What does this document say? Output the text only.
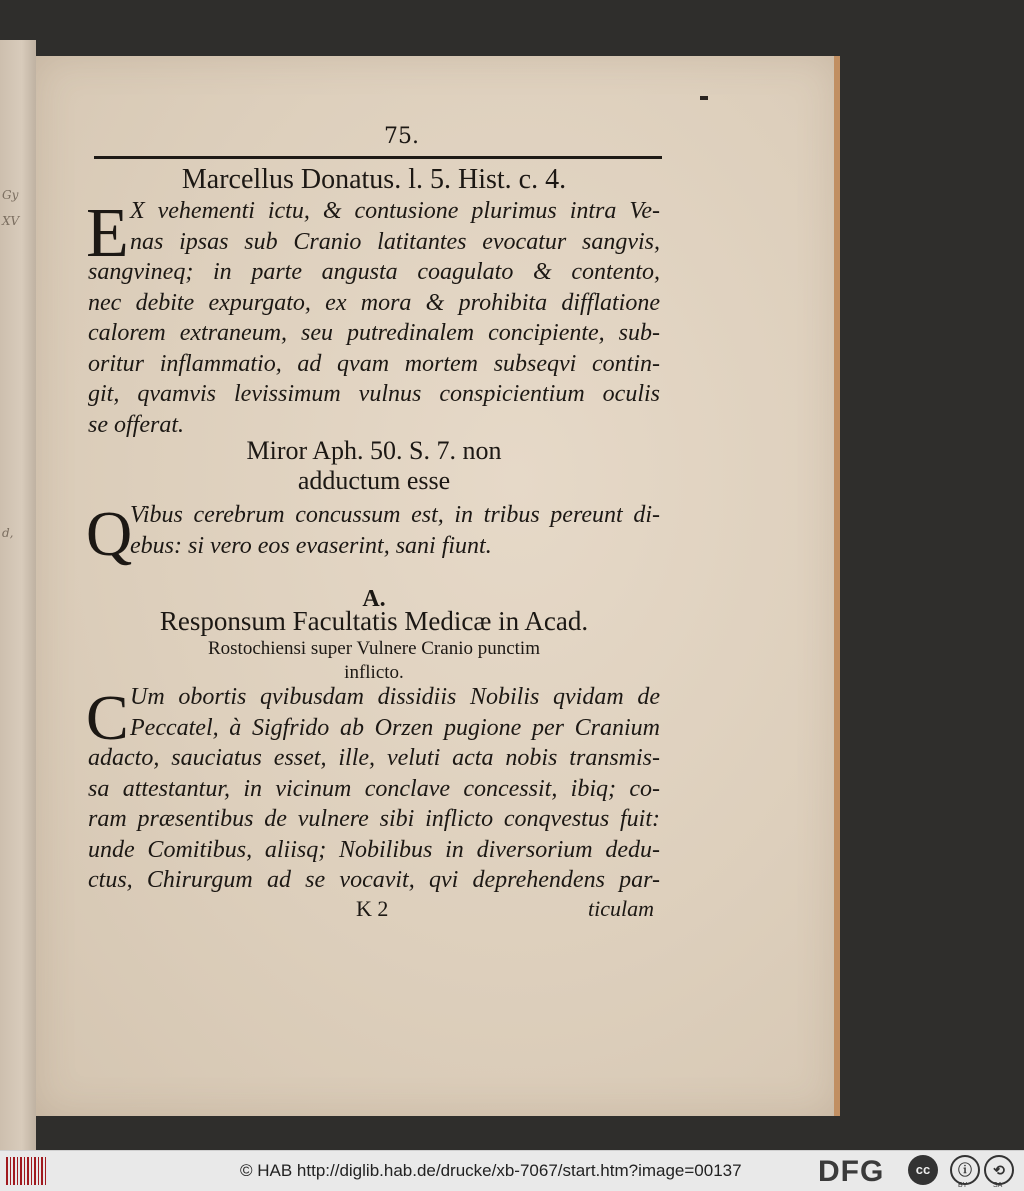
Gy
XV
d,
75.
Marcellus Donatus. l. 5. Hist. c. 4.
E X vehementi ictu, & contusione plurimus intra Ve-
nas ipsas sub Cranio latitantes evocatur sangvis,
sangvineq; in parte angusta coagulato & contento,
nec debite expurgato, ex mora & prohibita difflatione
calorem extraneum, seu putredinalem concipiente, sub-
oritur inflammatio, ad qvam mortem subseqvi contin-
git, qvamvis levissimum vulnus conspicientium oculis
se offerat.
Miror Aph. 50. S. 7. non
adductum esse
Q
Vibus cerebrum concussum est, in tribus pereunt di-
ebus: si vero eos evaserint, sani fiunt.
A.
Responsum Facultatis Medicæ in Acad.
Rostochiensi super Vulnere Cranio punctim
inflicto.
C Um obortis qvibusdam dissidiis Nobilis qvidam de
Peccatel, à Sigfrido ab Orzen pugione per Cranium
adacto, sauciatus esset, ille, veluti acta nobis transmis-
sa attestantur, in vicinum conclave concessit, ibiq; co-
ram præsentibus de vulnere sibi inflicto conqvestus fuit:
unde Comitibus, aliisq; Nobilibus in diversorium dedu-
ctus, Chirurgum ad se vocavit, qvi deprehendens par-
K 2	ticulam
© HAB http://diglib.hab.de/drucke/xb-7067/start.htm?image=00137	DFG	cc	ⓘ	⟲
BY	SA
